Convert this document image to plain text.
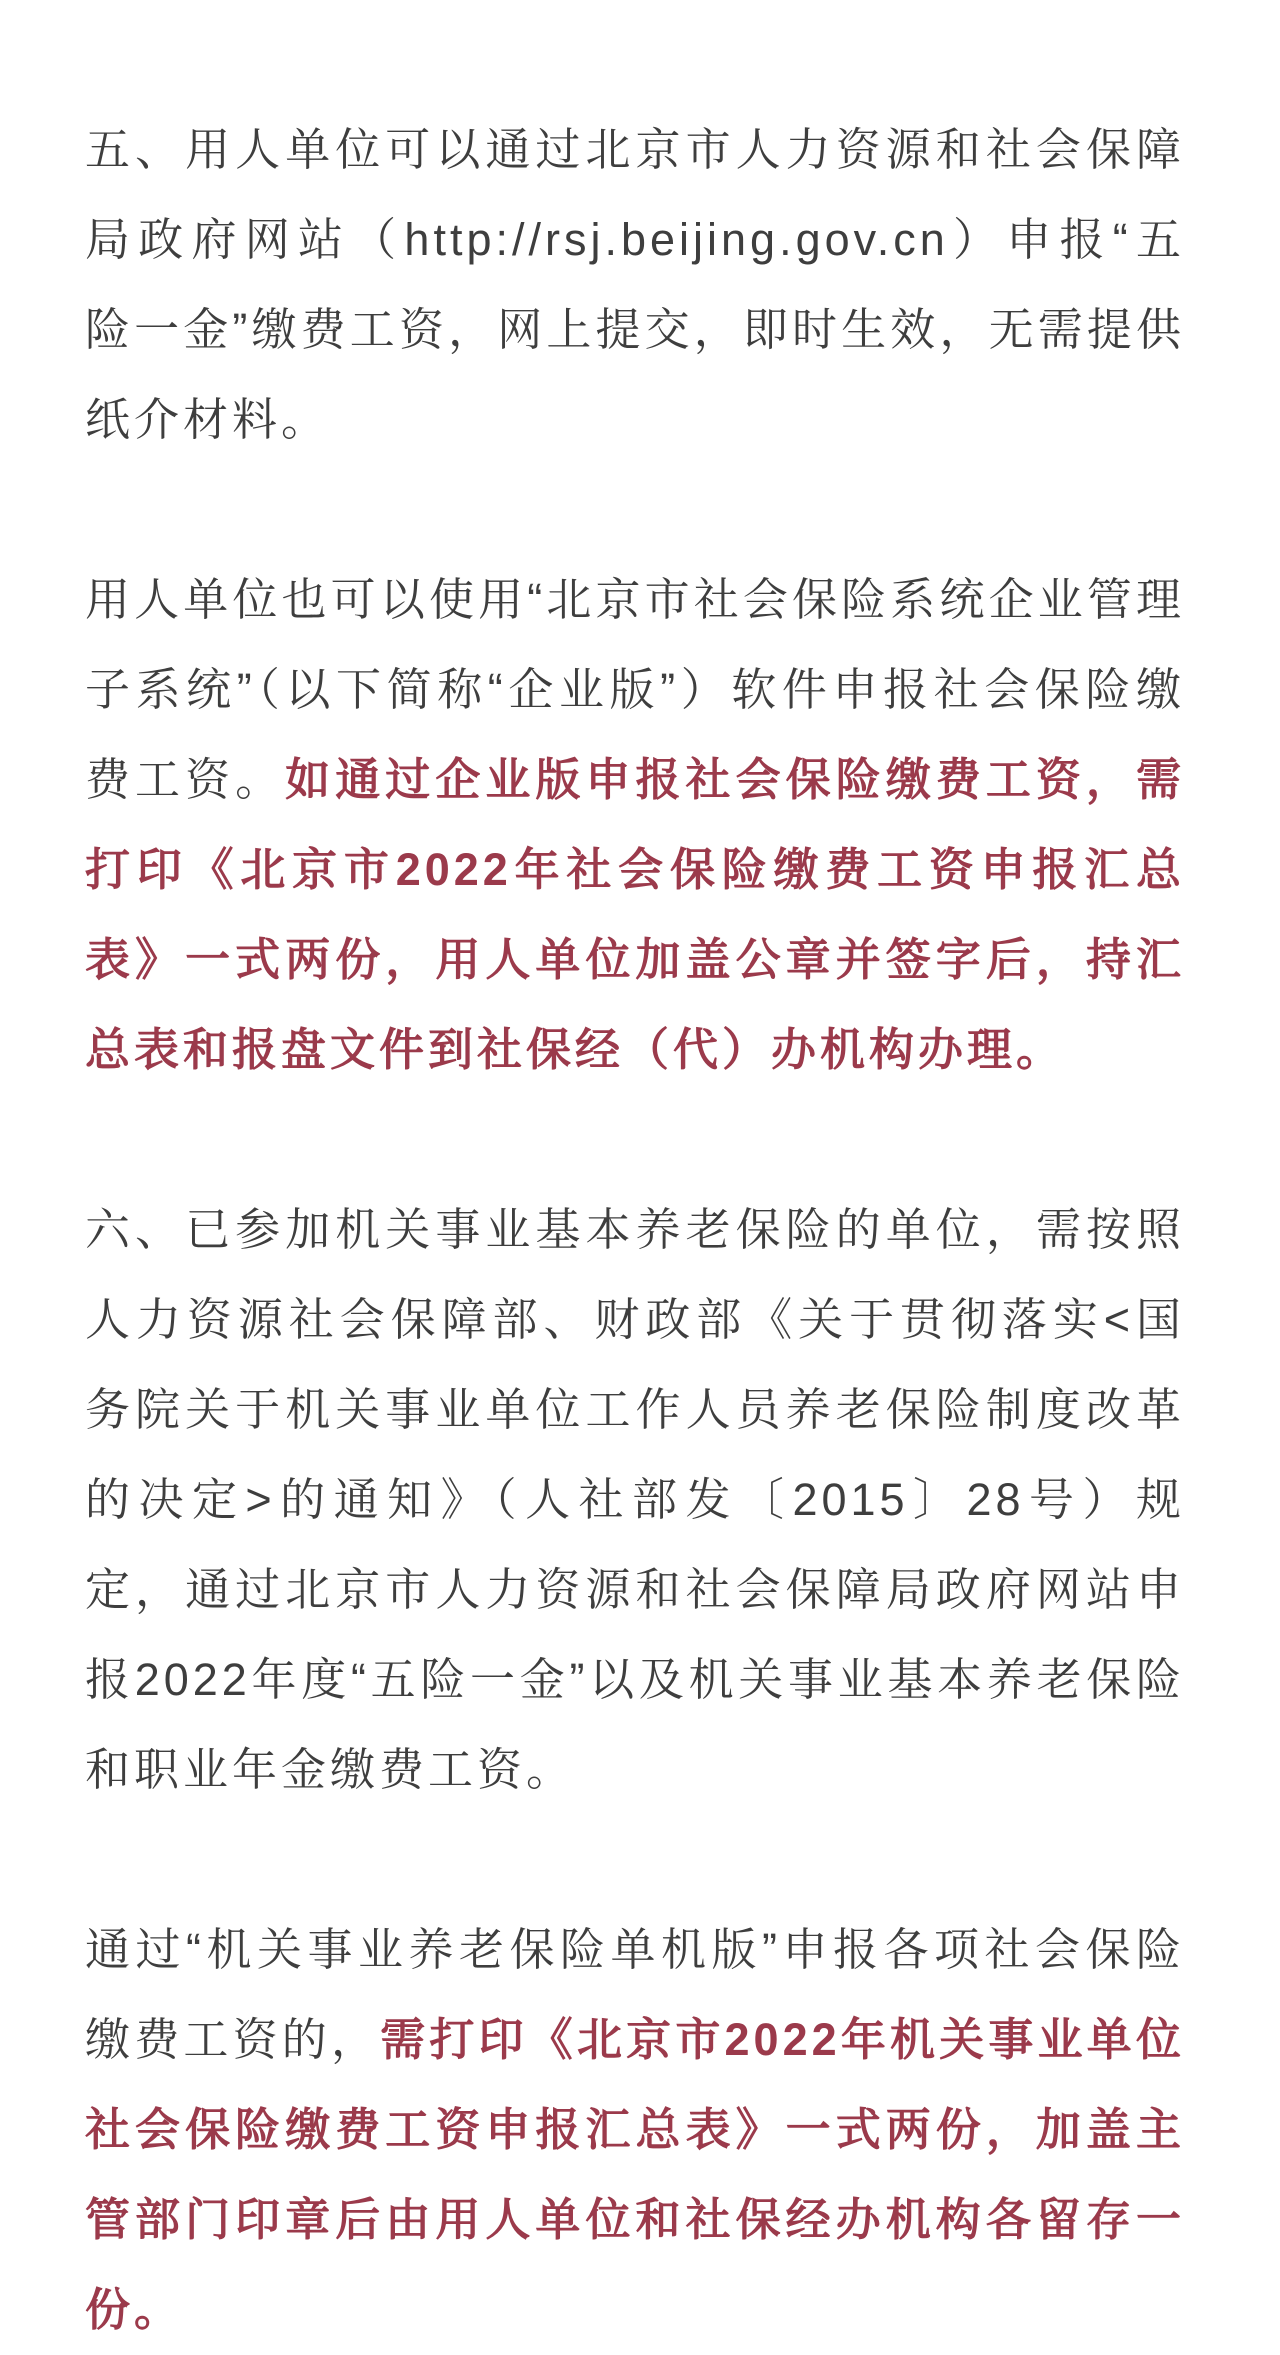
五、用人单位可以通过北京市人力资源和社会保障局政府网站（http://rsj.beijing.gov.cn）申报“五险一金”缴费工资，网上提交，即时生效，无需提供纸介材料。

用人单位也可以使用“北京市社会保险系统企业管理子系统”（以下简称“企业版”）软件申报社会保险缴费工资。如通过企业版申报社会保险缴费工资，需打印《北京市2022年社会保险缴费工资申报汇总表》一式两份，用人单位加盖公章并签字后，持汇总表和报盘文件到社保经（代）办机构办理。

六、已参加机关事业基本养老保险的单位，需按照人力资源社会保障部、财政部《关于贯彻落实<国务院关于机关事业单位工作人员养老保险制度改革的决定>的通知》（人社部发〔2015〕28号）规定，通过北京市人力资源和社会保障局政府网站申报2022年度“五险一金”以及机关事业基本养老保险和职业年金缴费工资。

通过“机关事业养老保险单机版”申报各项社会保险缴费工资的，需打印《北京市2022年机关事业单位社会保险缴费工资申报汇总表》一式两份，加盖主管部门印章后由用人单位和社保经办机构各留存一份。
